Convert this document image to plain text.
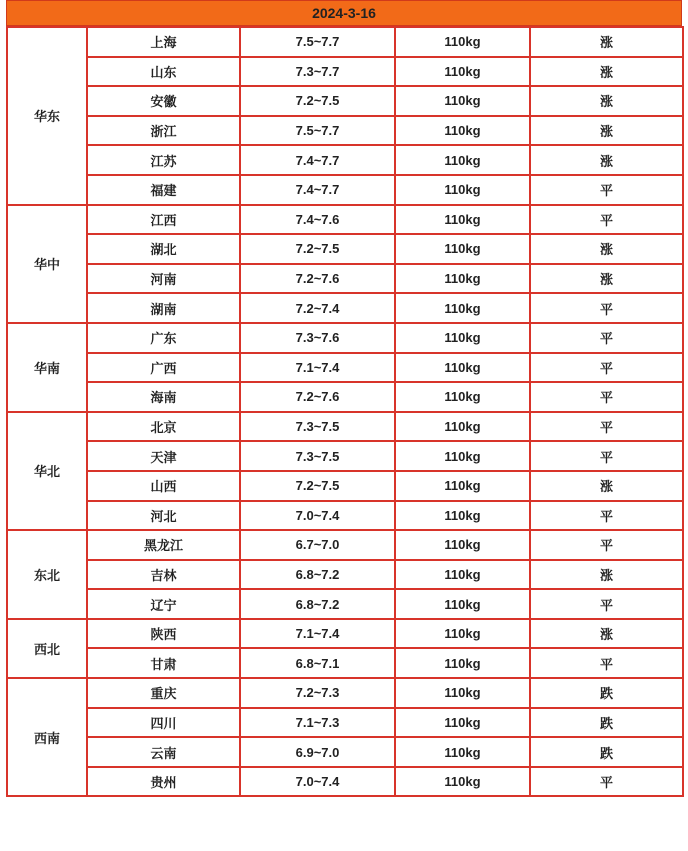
2024-3-16
华东	上海	7.5~7.7	110kg	涨
	山东	7.3~7.7	110kg	涨
	安徽	7.2~7.5	110kg	涨
	浙江	7.5~7.7	110kg	涨
	江苏	7.4~7.7	110kg	涨
	福建	7.4~7.7	110kg	平
华中	江西	7.4~7.6	110kg	平
	湖北	7.2~7.5	110kg	涨
	河南	7.2~7.6	110kg	涨
	湖南	7.2~7.4	110kg	平
华南	广东	7.3~7.6	110kg	平
	广西	7.1~7.4	110kg	平
	海南	7.2~7.6	110kg	平
华北	北京	7.3~7.5	110kg	平
	天津	7.3~7.5	110kg	平
	山西	7.2~7.5	110kg	涨
	河北	7.0~7.4	110kg	平
东北	黑龙江	6.7~7.0	110kg	平
	吉林	6.8~7.2	110kg	涨
	辽宁	6.8~7.2	110kg	平
西北	陕西	7.1~7.4	110kg	涨
	甘肃	6.8~7.1	110kg	平
西南	重庆	7.2~7.3	110kg	跌
	四川	7.1~7.3	110kg	跌
	云南	6.9~7.0	110kg	跌
	贵州	7.0~7.4	110kg	平
